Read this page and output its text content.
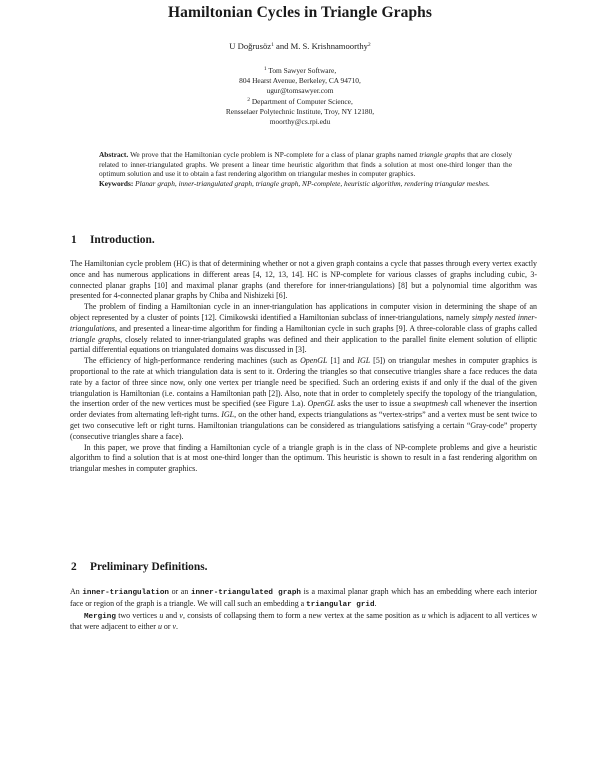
Hamiltonian Cycles in Triangle Graphs
U Doğrusöz$^1$ and M. S. Krishnamoorthy$^2$
$^1$ Tom Sawyer Software,
804 Hearst Avenue, Berkeley, CA 94710,
ugur@tomsawyer.com
$^2$ Department of Computer Science,
Rensselaer Polytechnic Institute, Troy, NY 12180,
moorthy@cs.rpi.edu
Abstract. We prove that the Hamiltonian cycle problem is NP-complete for a class of planar graphs named triangle graphs that are closely related to inner-triangulated graphs. We present a linear time heuristic algorithm that finds a solution at most one-third longer than the optimum solution and use it to obtain a fast rendering algorithm on triangular meshes in computer graphics.
Keywords: Planar graph, inner-triangulated graph, triangle graph, NP-complete, heuristic algorithm, rendering triangular meshes.
1 Introduction.

The Hamiltonian cycle problem (HC) is that of determining whether or not a given graph contains a cycle that passes through every vertex exactly once and has numerous applications in different areas [4, 12, 13, 14]. HC is NP-complete for various classes of graphs including cubic, 3-connected planar graphs [10] and maximal planar graphs (and therefore for inner-triangulations) [8] but a polynomial time algorithm was presented for 4-connected planar graphs by Chiba and Nishizeki [6].

The problem of finding a Hamiltonian cycle in an inner-triangulation has applications in computer vision in determining the shape of an object represented by a cluster of points [12]. Cimikowski identified a Hamiltonian subclass of inner-triangulations, namely simply nested inner-triangulations, and presented a linear-time algorithm for finding a Hamiltonian cycle in such graphs [9]. A three-colorable class of graphs called triangle graphs, closely related to inner-triangulated graphs was defined and their application to the parallel finite element solution of elliptic partial differential equations on triangulated domains was discussed in [3].

The efficiency of high-performance rendering machines (such as OpenGL [1] and IGL [5]) on triangular meshes in computer graphics is proportional to the rate at which triangulation data is sent to it. Ordering the triangles so that consecutive triangles share a face reduces the data rate by a factor of three since now, only one vertex per triangle need be specified. Such an ordering exists if and only if the dual of the given triangulation is Hamiltonian (i.e. contains a Hamiltonian path [2]). Also, note that in order to completely specify the topology of the triangulation, the insertion order of the new vertices must be specified (see Figure 1.a). OpenGL asks the user to issue a swaptmesh call whenever the insertion order deviates from alternating left-right turns. IGL, on the other hand, expects triangulations as “vertex-strips” and a vertex must be sent twice to get two consecutive left or right turns. Hamiltonian triangulations can be considered as triangulations satisfying a certain “Gray-code” property (consecutive triangles share a face).

In this paper, we prove that finding a Hamiltonian cycle of a triangle graph is in the class of NP-complete problems and give a heuristic algorithm to find a solution that is at most one-third longer than the optimum. This heuristic is shown to result in a fast rendering algorithm on triangular meshes in computer graphics.

2 Preliminary Definitions.

An inner-triangulation or an inner-triangulated graph is a maximal planar graph which has an embedding where each interior face or region of the graph is a triangle. We will call such an embedding a triangular grid.

Merging two vertices u and v, consists of collapsing them to form a new vertex at the same position as u which is adjacent to all vertices w that were adjacent to either u or v.
